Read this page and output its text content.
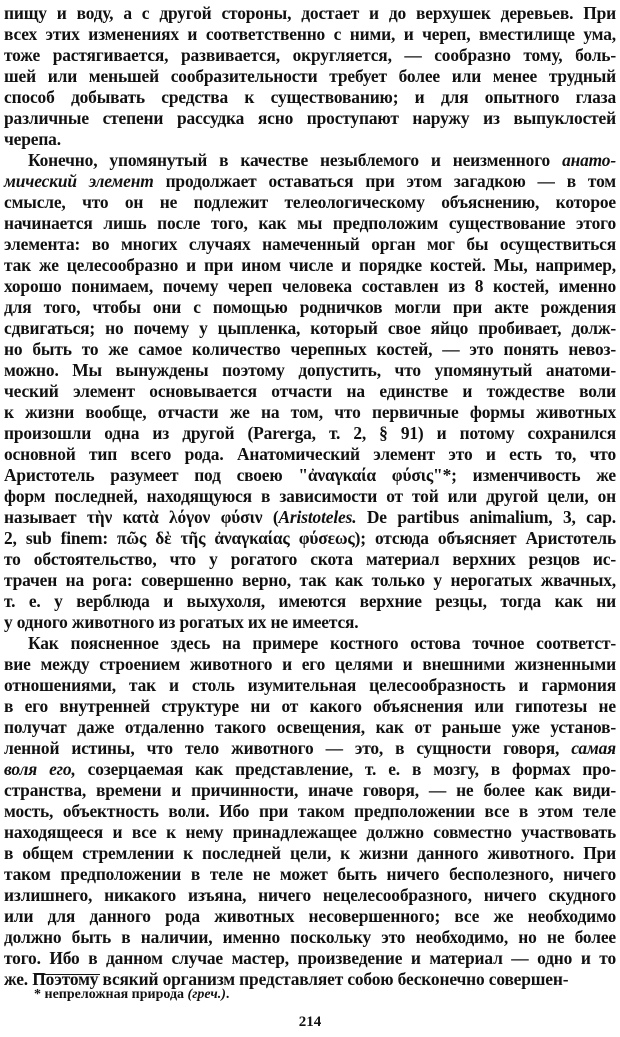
пищу и воду, а с другой стороны, достает и до верхушек деревьев. При
всех этих изменениях и соответственно с ними, и череп, вместилище ума,
тоже растягивается, развивается, округляется, — сообразно тому, боль-
шей или меньшей сообразительности требует более или менее трудный
способ добывать средства к существованию; и для опытного глаза
различные степени рассудка ясно проступают наружу из выпуклостей
черепа.
Конечно, упомянутый в качестве незыблемого и неизменного анато-
мический элемент продолжает оставаться при этом загадкою — в том
смысле, что он не подлежит телеологическому объяснению, которое
начинается лишь после того, как мы предположим существование этого
элемента: во многих случаях намеченный орган мог бы осуществиться
так же целесообразно и при ином числе и порядке костей. Мы, например,
хорошо понимаем, почему череп человека составлен из 8 костей, именно
для того, чтобы они с помощью родничков могли при акте рождения
сдвигаться; но почему у цыпленка, который свое яйцо пробивает, долж-
но быть то же самое количество черепных костей, — это понять невоз-
можно. Мы вынуждены поэтому допустить, что упомянутый анатоми-
ческий элемент основывается отчасти на единстве и тождестве воли
к жизни вообще, отчасти же на том, что первичные формы животных
произошли одна из другой (Parerga, т. 2, § 91) и потому сохранился
основной тип всего рода. Анатомический элемент это и есть то, что
Аристотель разумеет под своею "ἀναγκαία φύσις"*; изменчивость же
форм последней, находящуюся в зависимости от той или другой цели, он
называет τὴν κατὰ λόγον φύσιν (Aristoteles. De partibus animalium, 3, cap.
2, sub finem: πῶς δὲ τῆς ἀναγκαίας φύσεως); отсюда объясняет Аристотель
то обстоятельство, что у рогатого скота материал верхних резцов ис-
трачен на рога: совершенно верно, так как только у нерогатых жвачных,
т. е. у верблюда и выхухоля, имеются верхние резцы, тогда как ни
у одного животного из рогатых их не имеется.
Как поясненное здесь на примере костного остова точное соответст-
вие между строением животного и его целями и внешними жизненными
отношениями, так и столь изумительная целесообразность и гармония
в его внутренней структуре ни от какого объяснения или гипотезы не
получат даже отдаленно такого освещения, как от раньше уже установ-
ленной истины, что тело животного — это, в сущности говоря, самая
воля его, созерцаемая как представление, т. е. в мозгу, в формах про-
странства, времени и причинности, иначе говоря, — не более как види-
мость, объектность воли. Ибо при таком предположении все в этом теле
находящееся и все к нему принадлежащее должно совместно участвовать
в общем стремлении к последней цели, к жизни данного животного. При
таком предположении в теле не может быть ничего бесполезного, ничего
излишнего, никакого изъяна, ничего нецелесообразного, ничего скудного
или для данного рода животных несовершенного; все же необходимо
должно быть в наличии, именно поскольку это необходимо, но не более
того. Ибо в данном случае мастер, произведение и материал — одно и то
же. Поэтому всякий организм представляет собою бесконечно совершен-
* непреложная природа (греч.).
214
